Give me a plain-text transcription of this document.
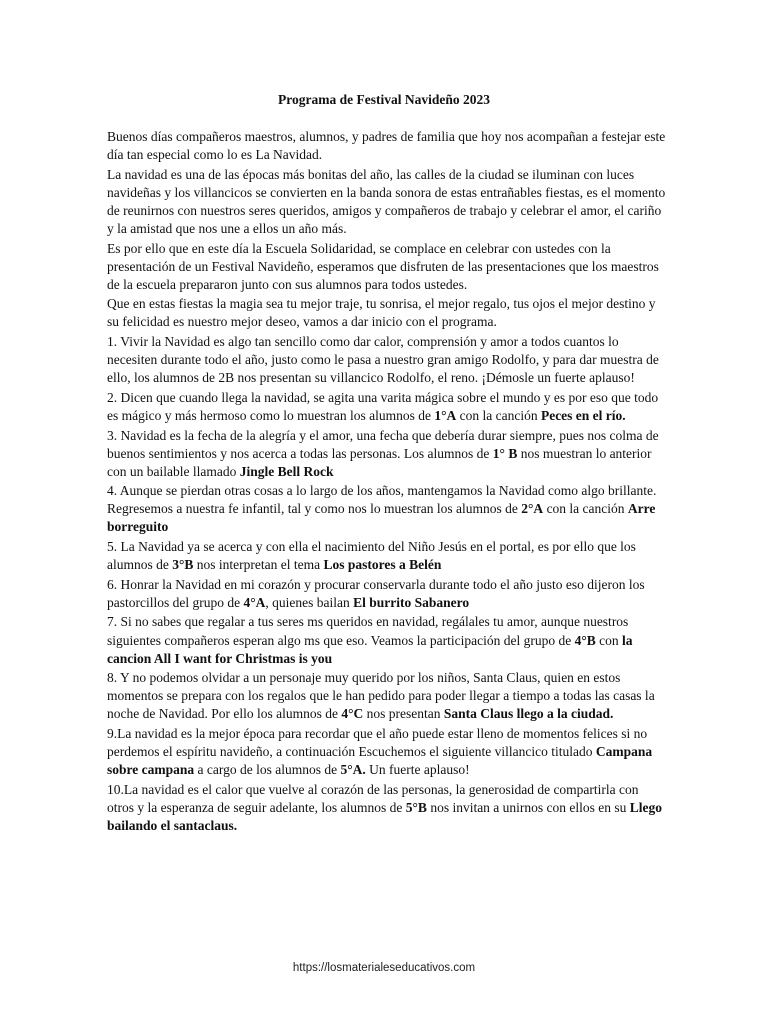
Programa de Festival Navideño 2023

Buenos días compañeros maestros, alumnos, y padres de familia que hoy nos acompañan a festejar este día tan especial como lo es La Navidad.

La navidad es una de las épocas más bonitas del año, las calles de la ciudad se iluminan con luces navideñas y los villancicos se convierten en la banda sonora de estas entrañables fiestas, es el momento de reunirnos con nuestros seres queridos, amigos y compañeros de trabajo y celebrar el amor, el cariño y la amistad que nos une a ellos un año más.

Es por ello que en este día la Escuela Solidaridad, se complace en celebrar con ustedes con la presentación de un Festival Navideño, esperamos que disfruten de las presentaciones que los maestros de la escuela prepararon junto con sus alumnos para todos ustedes.

Que en estas fiestas la magia sea tu mejor traje, tu sonrisa, el mejor regalo, tus ojos el mejor destino y su felicidad es nuestro mejor deseo, vamos a dar inicio con el programa.

1. Vivir la Navidad es algo tan sencillo como dar calor, comprensión y amor a todos cuantos lo necesiten durante todo el año, justo como le pasa a nuestro gran amigo Rodolfo, y para dar muestra de ello, los alumnos de 2B nos presentan su villancico Rodolfo, el reno. ¡Démosle un fuerte aplauso!

2. Dicen que cuando llega la navidad, se agita una varita mágica sobre el mundo y es por eso que todo es mágico y más hermoso como lo muestran los alumnos de 1°A con la canción Peces en el río.

3. Navidad es la fecha de la alegría y el amor, una fecha que debería durar siempre, pues nos colma de buenos sentimientos y nos acerca a todas las personas. Los alumnos de 1° B nos muestran lo anterior con un bailable llamado Jingle Bell Rock

4. Aunque se pierdan otras cosas a lo largo de los años, mantengamos la Navidad como algo brillante. Regresemos a nuestra fe infantil, tal y como nos lo muestran los alumnos de 2°A con la canción Arre borreguito

5. La Navidad ya se acerca y con ella el nacimiento del Niño Jesús en el portal, es por ello que los alumnos de 3°B nos interpretan el tema Los pastores a Belén

6. Honrar la Navidad en mi corazón y procurar conservarla durante todo el año justo eso dijeron los pastorcillos del grupo de 4°A, quienes bailan El burrito Sabanero

7. Si no sabes que regalar a tus seres ms queridos en navidad, regálales tu amor, aunque nuestros siguientes compañeros esperan algo ms que eso. Veamos la participación del grupo de 4°B con la cancion All I want for Christmas is you

8. Y no podemos olvidar a un personaje muy querido por los niños, Santa Claus, quien en estos momentos se prepara con los regalos que le han pedido para poder llegar a tiempo a todas las casas la noche de Navidad. Por ello los alumnos de 4°C nos presentan Santa Claus llego a la ciudad.

9.La navidad es la mejor época para recordar que el año puede estar lleno de momentos felices si no perdemos el espíritu navideño, a continuación Escuchemos el siguiente villancico titulado Campana sobre campana a cargo de los alumnos de 5°A. Un fuerte aplauso!

10.La navidad es el calor que vuelve al corazón de las personas, la generosidad de compartirla con otros y la esperanza de seguir adelante, los alumnos de 5°B nos invitan a unirnos con ellos en su Llego bailando el santaclaus.

https://losmaterialeseducativos.com
